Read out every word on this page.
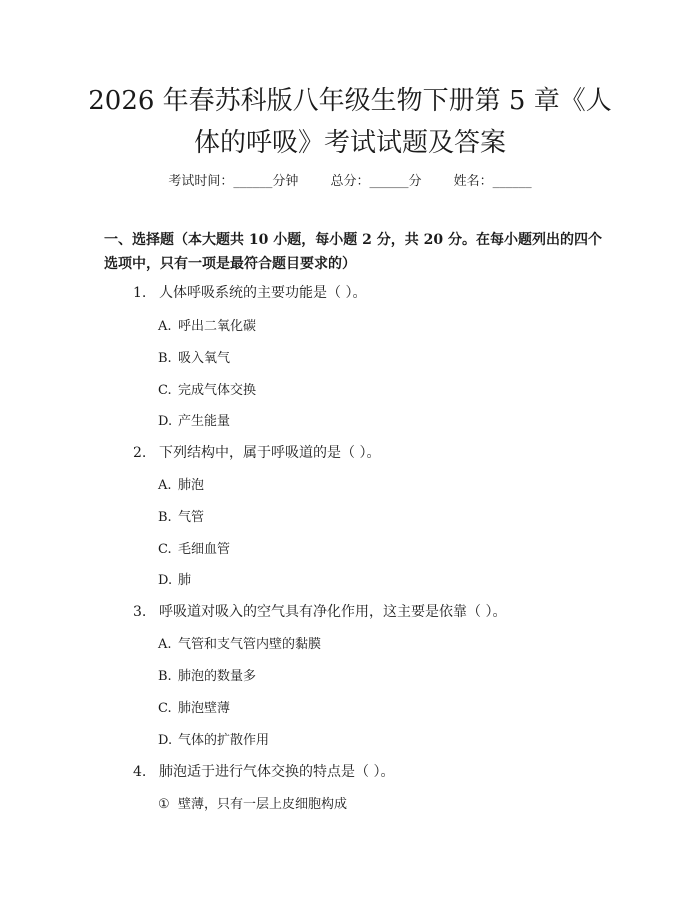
2026 年春苏科版八年级生物下册第 5 章《人
体的呼吸》考试试题及答案
考试时间：______分钟 总分：______分 姓名：______
一、选择题（本大题共 10 小题，每小题 2 分，共 20 分。在每小题列出的四个选项中，只有一项是最符合题目要求的）
1. 人体呼吸系统的主要功能是（ ）。
A. 呼出二氧化碳
B. 吸入氧气
C. 完成气体交换
D. 产生能量
2. 下列结构中，属于呼吸道的是（ ）。
A. 肺泡
B. 气管
C. 毛细血管
D. 肺
3. 呼吸道对吸入的空气具有净化作用，这主要是依靠（ ）。
A. 气管和支气管内壁的黏膜
B. 肺泡的数量多
C. 肺泡壁薄
D. 气体的扩散作用
4. 肺泡适于进行气体交换的特点是（ ）。
① 壁薄，只有一层上皮细胞构成
